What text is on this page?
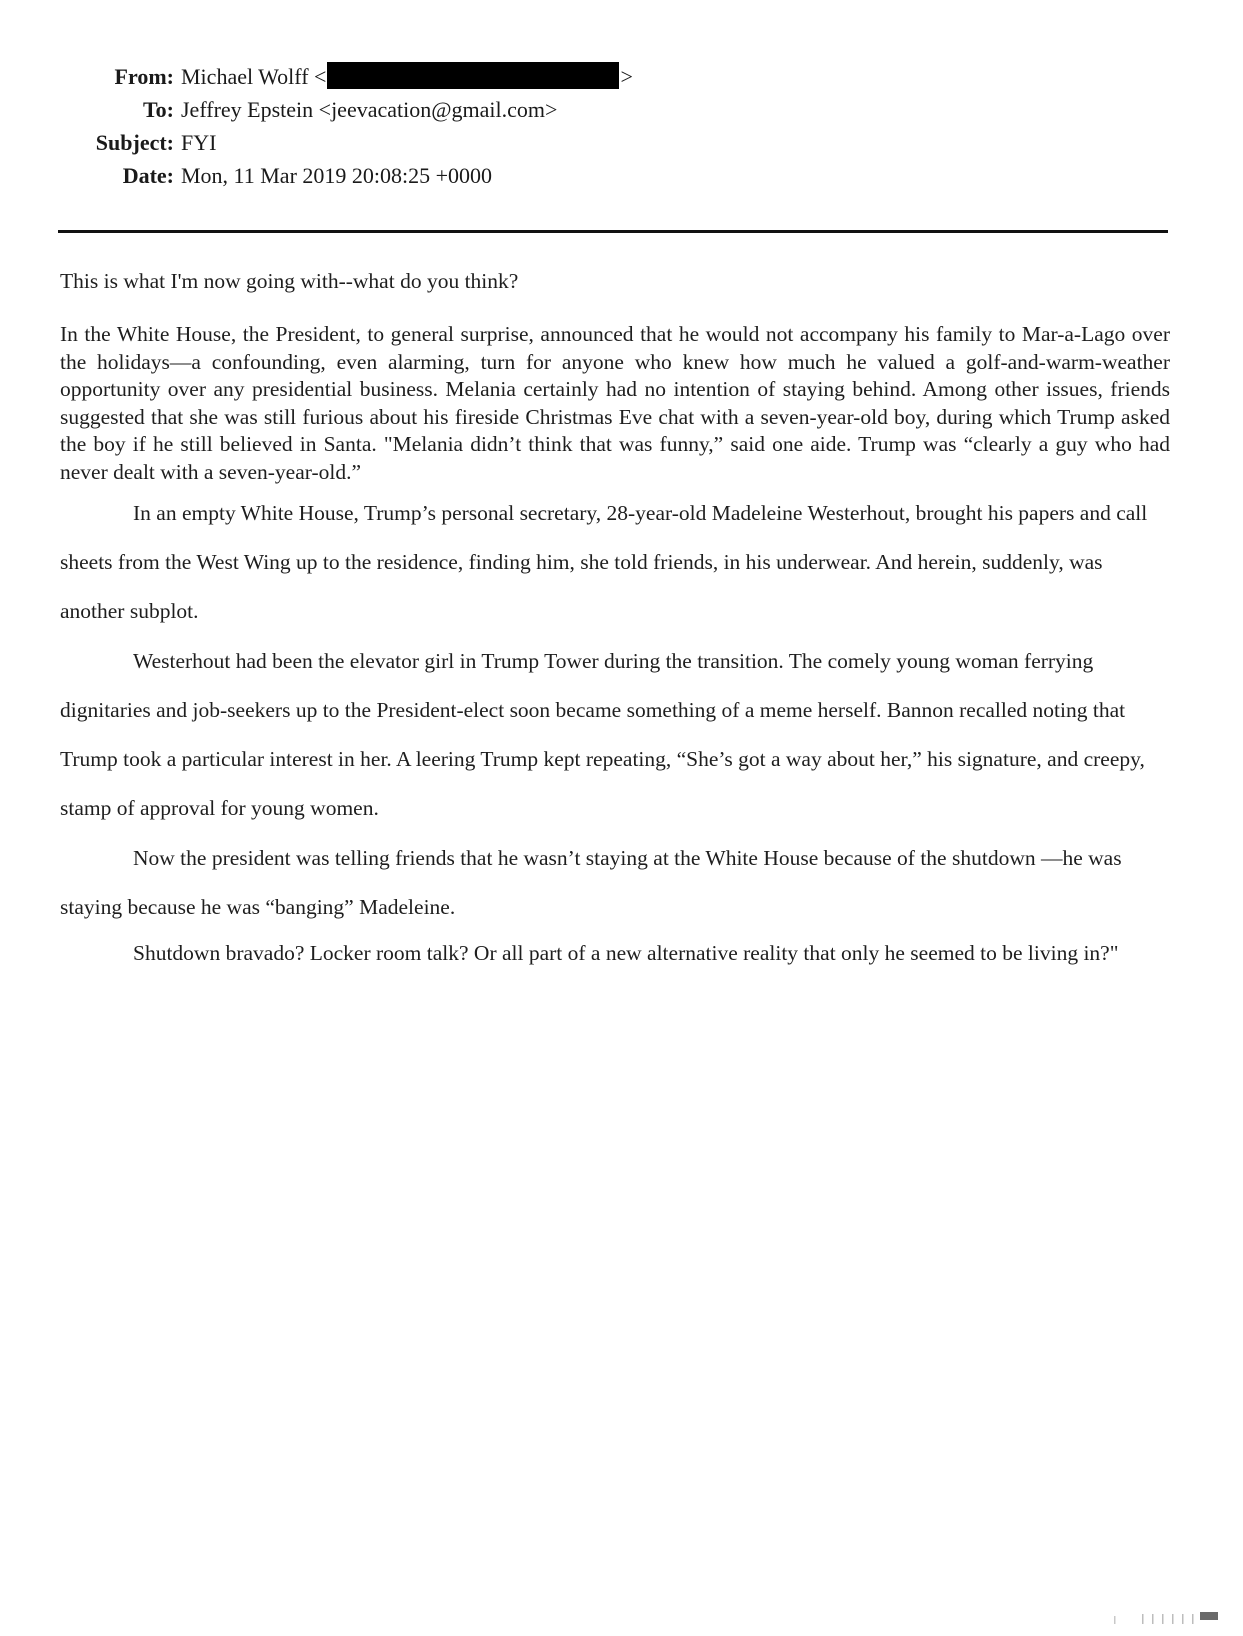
From: Michael Wolff <	>
To: Jeffrey Epstein <jeevacation@gmail.com>
Subject: FYI
Date: Mon, 11 Mar 2019 20:08:25 +0000

This is what I'm now going with--what do you think?

In the White House, the President, to general surprise, announced that he would not accompany his family to Mar-a-Lago over the holidays—a confounding, even alarming, turn for anyone who knew how much he valued a golf-and-warm-weather opportunity over any presidential business. Melania certainly had no intention of staying behind. Among other issues, friends suggested that she was still furious about his fireside Christmas Eve chat with a seven-year-old boy, during which Trump asked the boy if he still believed in Santa. "Melania didn’t think that was funny,” said one aide. Trump was “clearly a guy who had never dealt with a seven-year-old.”

In an empty White House, Trump’s personal secretary, 28-year-old Madeleine Westerhout, brought his papers and call sheets from the West Wing up to the residence, finding him, she told friends, in his underwear. And herein, suddenly, was another subplot.

Westerhout had been the elevator girl in Trump Tower during the transition. The comely young woman ferrying dignitaries and job-seekers up to the President-elect soon became something of a meme herself. Bannon recalled noting that Trump took a particular interest in her. A leering Trump kept repeating, “She’s got a way about her,” his signature, and creepy, stamp of approval for young women.

Now the president was telling friends that he wasn’t staying at the White House because of the shutdown —he was staying because he was “banging” Madeleine.

Shutdown bravado? Locker room talk? Or all part of a new alternative reality that only he seemed to be living in?"
